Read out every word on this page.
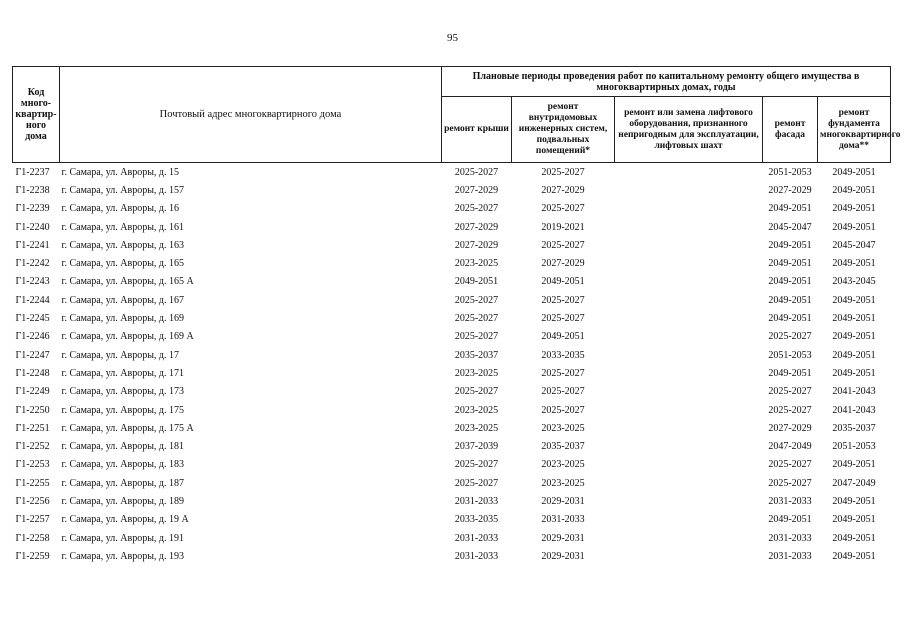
95
Код много-квартир-ного дома	Почтовый адрес многоквартирного дома	Плановые периоды проведения работ по капитальному ремонту общего имущества в многоквартирных домах, годы				
		ремонт крыши	ремонт внутридомовых инженерных систем, подвальных помещений*	ремонт или замена лифтового оборудования, признанного непригодным для эксплуатации, лифтовых шахт	ремонт фасада	ремонт фундамента многоквартирного дома**
Г1-2237	г. Самара, ул. Авроры, д. 15	2025-2027	2025-2027		2051-2053	2049-2051
Г1-2238	г. Самара, ул. Авроры, д. 157	2027-2029	2027-2029		2027-2029	2049-2051
Г1-2239	г. Самара, ул. Авроры, д. 16	2025-2027	2025-2027		2049-2051	2049-2051
Г1-2240	г. Самара, ул. Авроры, д. 161	2027-2029	2019-2021		2045-2047	2049-2051
Г1-2241	г. Самара, ул. Авроры, д. 163	2027-2029	2025-2027		2049-2051	2045-2047
Г1-2242	г. Самара, ул. Авроры, д. 165	2023-2025	2027-2029		2049-2051	2049-2051
Г1-2243	г. Самара, ул. Авроры, д. 165 А	2049-2051	2049-2051		2049-2051	2043-2045
Г1-2244	г. Самара, ул. Авроры, д. 167	2025-2027	2025-2027		2049-2051	2049-2051
Г1-2245	г. Самара, ул. Авроры, д. 169	2025-2027	2025-2027		2049-2051	2049-2051
Г1-2246	г. Самара, ул. Авроры, д. 169 А	2025-2027	2049-2051		2025-2027	2049-2051
Г1-2247	г. Самара, ул. Авроры, д. 17	2035-2037	2033-2035		2051-2053	2049-2051
Г1-2248	г. Самара, ул. Авроры, д. 171	2023-2025	2025-2027		2049-2051	2049-2051
Г1-2249	г. Самара, ул. Авроры, д. 173	2025-2027	2025-2027		2025-2027	2041-2043
Г1-2250	г. Самара, ул. Авроры, д. 175	2023-2025	2025-2027		2025-2027	2041-2043
Г1-2251	г. Самара, ул. Авроры, д. 175 А	2023-2025	2023-2025		2027-2029	2035-2037
Г1-2252	г. Самара, ул. Авроры, д. 181	2037-2039	2035-2037		2047-2049	2051-2053
Г1-2253	г. Самара, ул. Авроры, д. 183	2025-2027	2023-2025		2025-2027	2049-2051
Г1-2255	г. Самара, ул. Авроры, д. 187	2025-2027	2023-2025		2025-2027	2047-2049
Г1-2256	г. Самара, ул. Авроры, д. 189	2031-2033	2029-2031		2031-2033	2049-2051
Г1-2257	г. Самара, ул. Авроры, д. 19 А	2033-2035	2031-2033		2049-2051	2049-2051
Г1-2258	г. Самара, ул. Авроры, д. 191	2031-2033	2029-2031		2031-2033	2049-2051
Г1-2259	г. Самара, ул. Авроры, д. 193	2031-2033	2029-2031		2031-2033	2049-2051
